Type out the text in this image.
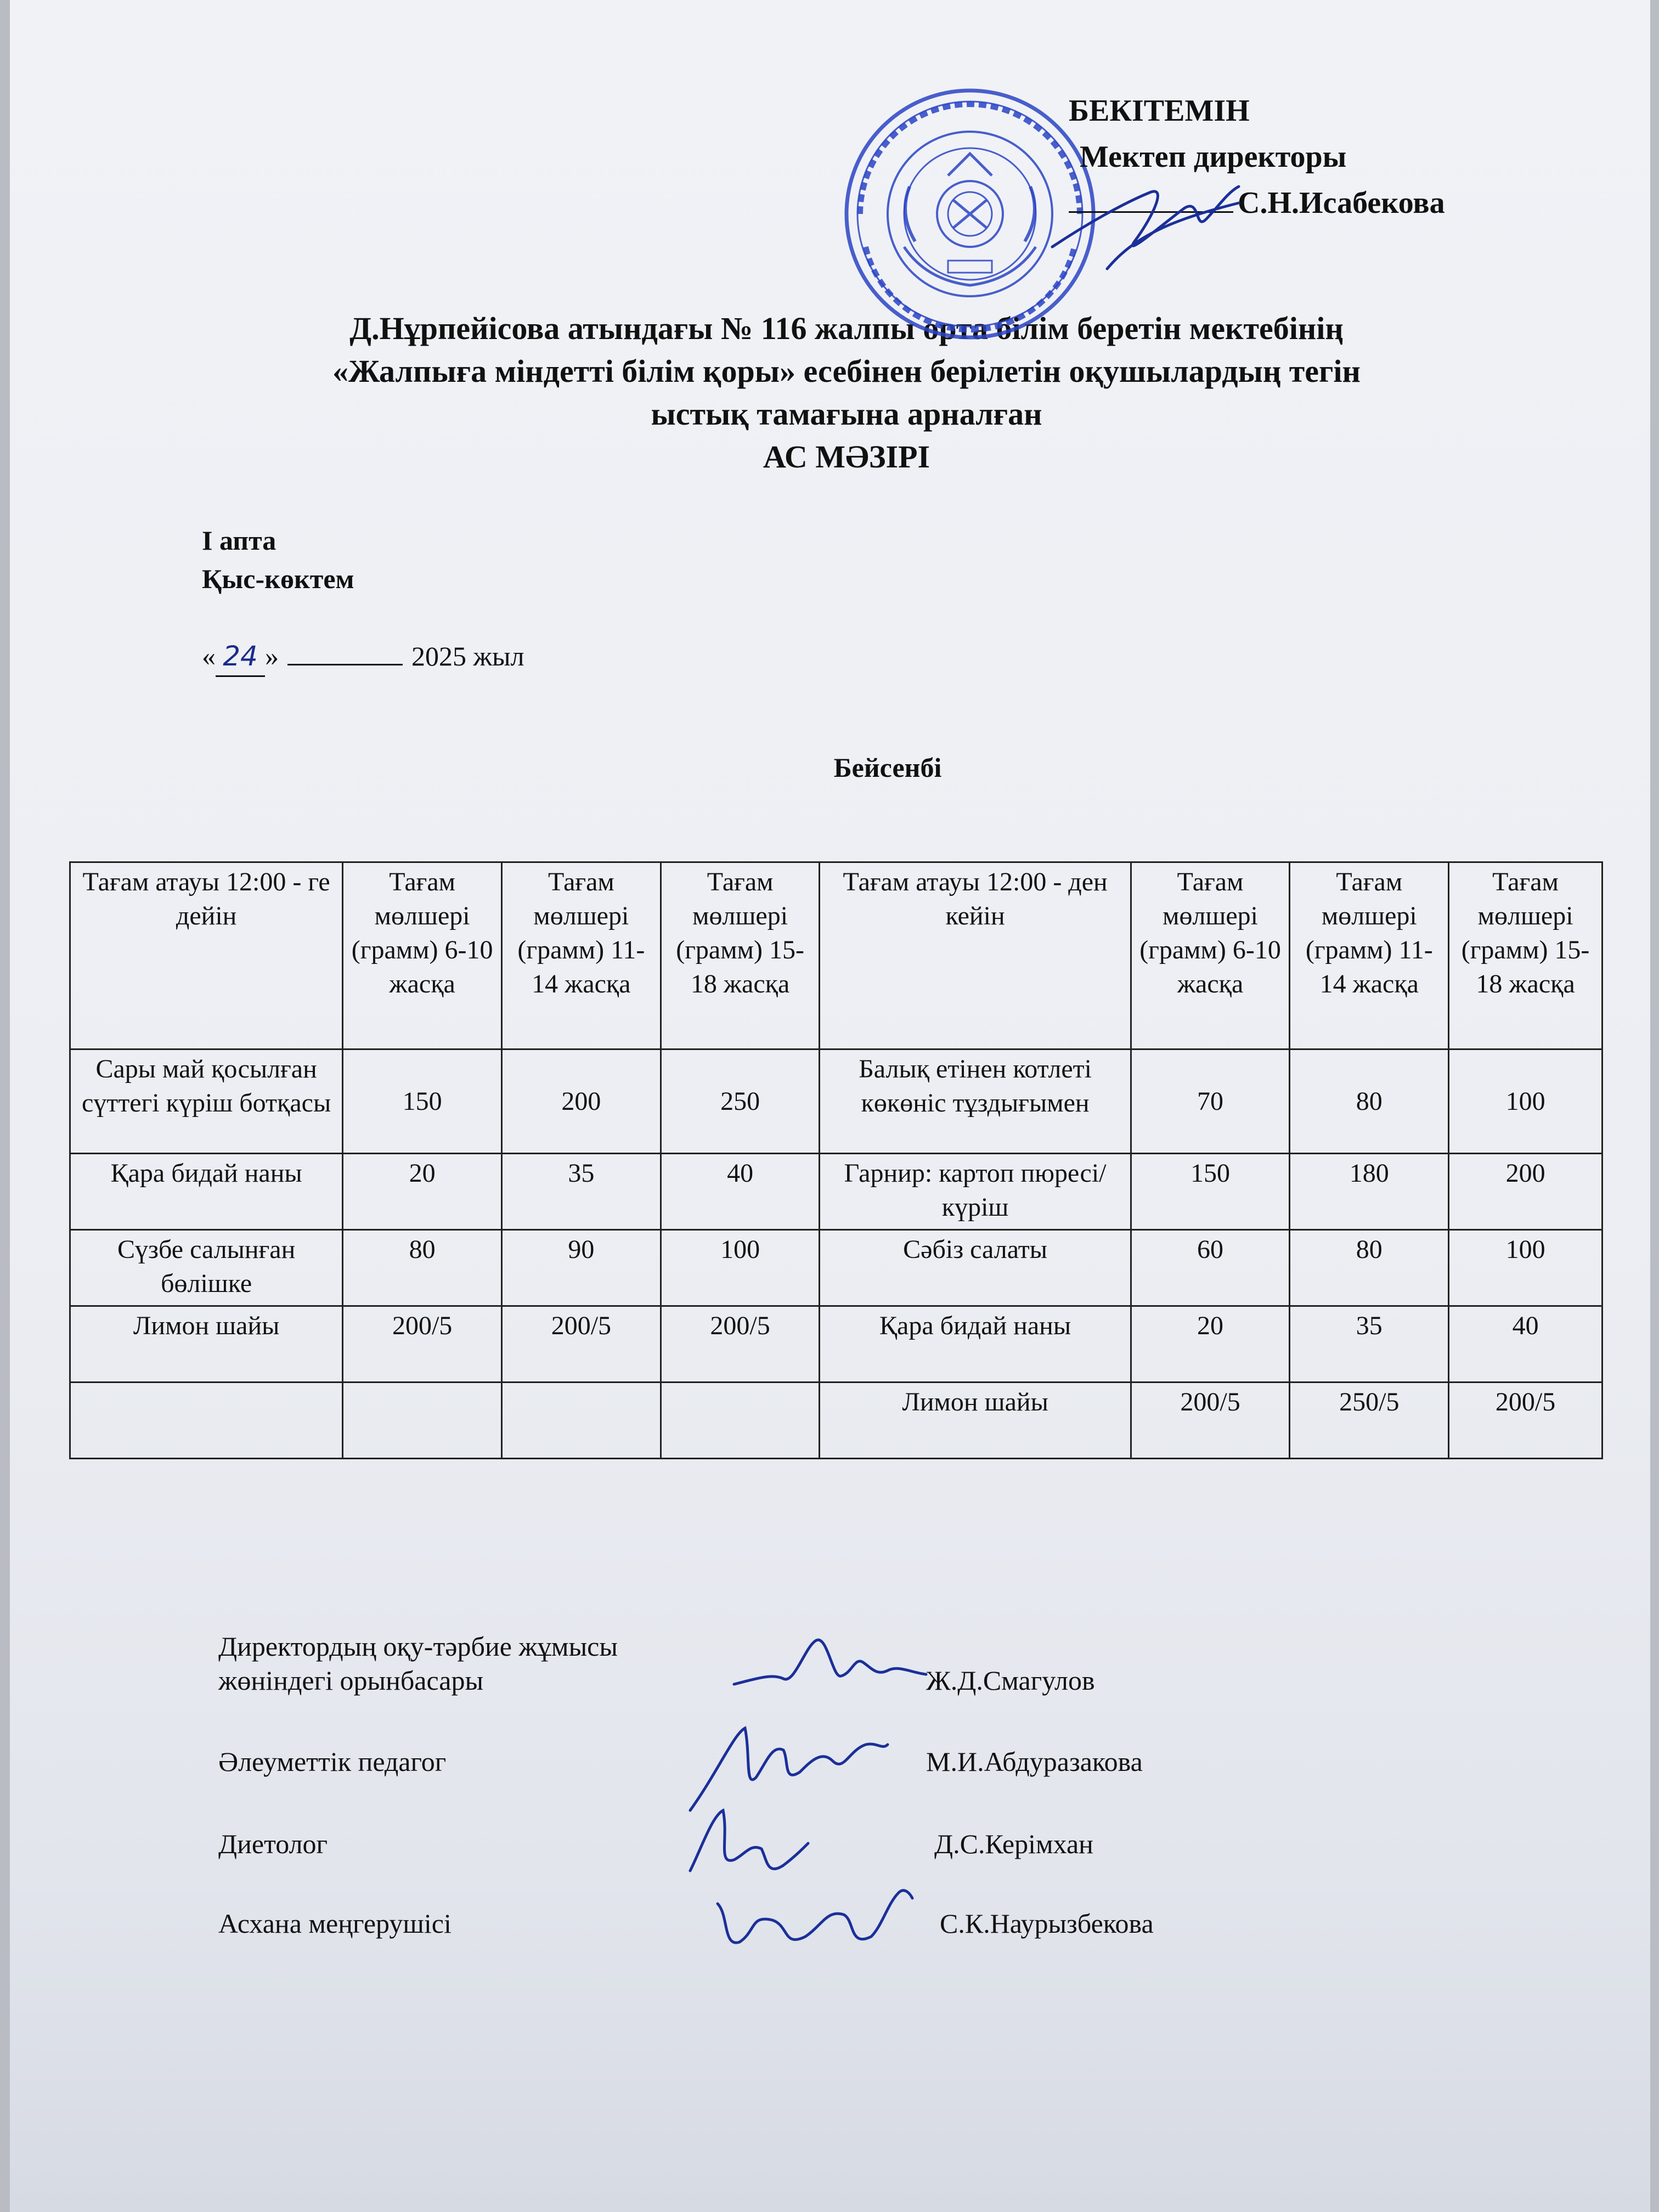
БЕКІТЕМІН
Мектеп директоры
С.Н.Исабекова
Д.Нұрпейісова атындағы № 116 жалпы орта білім беретін мектебінің
«Жалпыға міндетті білім қоры» есебінен берілетін оқушылардың тегін
ыстық тамағына арналған
АС МӘЗІРІ
I апта
Қыс-көктем
« 24 »	2025 жыл
Бейсенбі
Тағам атауы 12:00 - ге дейін	Тағам мөлшері (грамм) 6-10 жасқа	Тағам мөлшері (грамм) 11-14 жасқа	Тағам мөлшері (грамм) 15-18 жасқа	Тағам атауы 12:00 - ден кейін	Тағам мөлшері (грамм) 6-10 жасқа	Тағам мөлшері (грамм) 11-14 жасқа	Тағам мөлшері (грамм) 15-18 жасқа
Сары май қосылған сүттегі күріш ботқасы	150	200	250	Балық етінен котлеті көкөніс тұздығымен	70	80	100
Қара бидай наны	20	35	40	Гарнир: картоп пюресі/ күріш	150	180	200
Сүзбе салынған бөлішке	80	90	100	Сәбіз салаты	60	80	100
Лимон шайы	200/5	200/5	200/5	Қара бидай наны	20	35	40
				Лимон шайы	200/5	250/5	200/5
Директордың оқу-тәрбие жұмысы
жөніндегі орынбасары	Ж.Д.Смагулов
Әлеуметтік педагог	М.И.Абдуразакова
Диетолог	Д.С.Керімхан
Асхана меңгерушісі	С.К.Наурызбекова
